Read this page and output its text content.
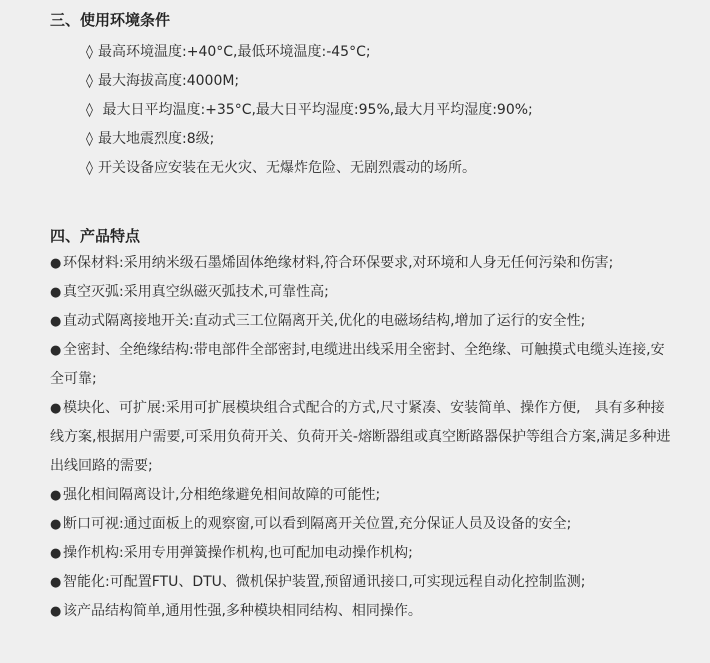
三、使用环境条件
◊ 最高环境温度:+40°C,最低环境温度:-45°C;
◊ 最大海拔高度:4000M;
◊ 最大日平均温度:+35°C,最大日平均湿度:95%,最大月平均湿度:90%;
◊ 最大地震烈度:8级;
◊ 开关设备应安装在无火灾、无爆炸危险、无剧烈震动的场所。
四、产品特点
● 环保材料:采用纳米级石墨烯固体绝缘材料,符合环保要求,对环境和人身无任何污染和伤害;
● 真空灭弧:采用真空纵磁灭弧技术,可靠性高;
● 直动式隔离接地开关:直动式三工位隔离开关,优化的电磁场结构,增加了运行的安全性;
● 全密封、全绝缘结构:带电部件全部密封,电缆进出线采用全密封、全绝缘、可触摸式电缆头连接,安全可靠;
● 模块化、可扩展:采用可扩展模块组合式配合的方式,尺寸紧凑、安装简单、操作方便,　具有多种接线方案,根据用户需要,可采用负荷开关、负荷开关-熔断器组或真空断路器保护等组合方案,满足多种进出线回路的需要;
● 强化相间隔离设计,分相绝缘避免相间故障的可能性;
● 断口可视:通过面板上的观察窗,可以看到隔离开关位置,充分保证人员及设备的安全;
● 操作机构:采用专用弹簧操作机构,也可配加电动操作机构;
● 智能化:可配置FTU、DTU、微机保护装置,预留通讯接口,可实现远程自动化控制监测;
● 该产品结构简单,通用性强,多种模块相同结构、相同操作。
